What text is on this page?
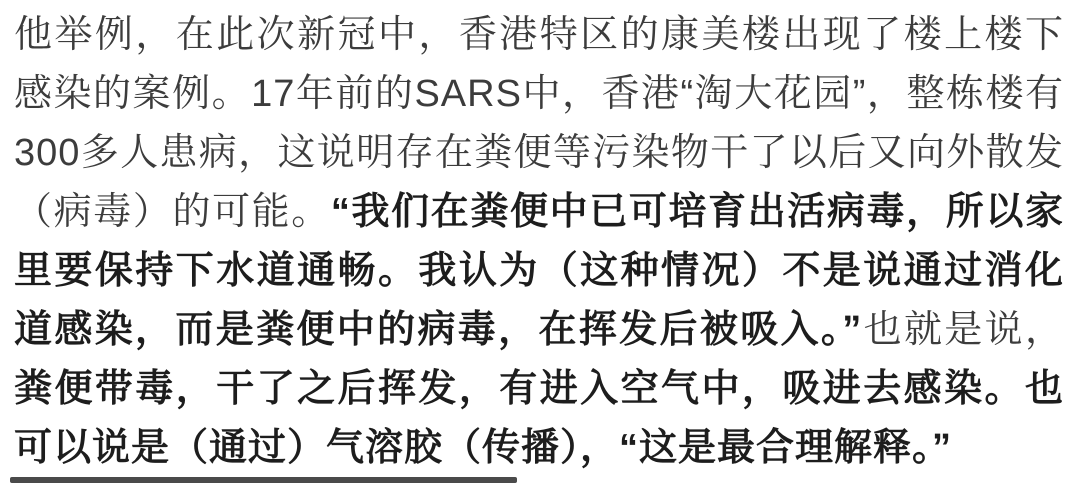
他举例，在此次新冠中，香港特区的康美楼出现了楼上楼下感染的案例。17年前的SARS中，香港“淘大花园”，整栋楼有300多人患病，这说明存在粪便等污染物干了以后又向外散发（病毒）的可能。“我们在粪便中已可培育出活病毒，所以家里要保持下水道通畅。我认为（这种情况）不是说通过消化道感染，而是粪便中的病毒，在挥发后被吸入。”也就是说，粪便带毒，干了之后挥发，有进入空气中，吸进去感染。也可以说是（通过）气溶胶（传播），“这是最合理解释。”
